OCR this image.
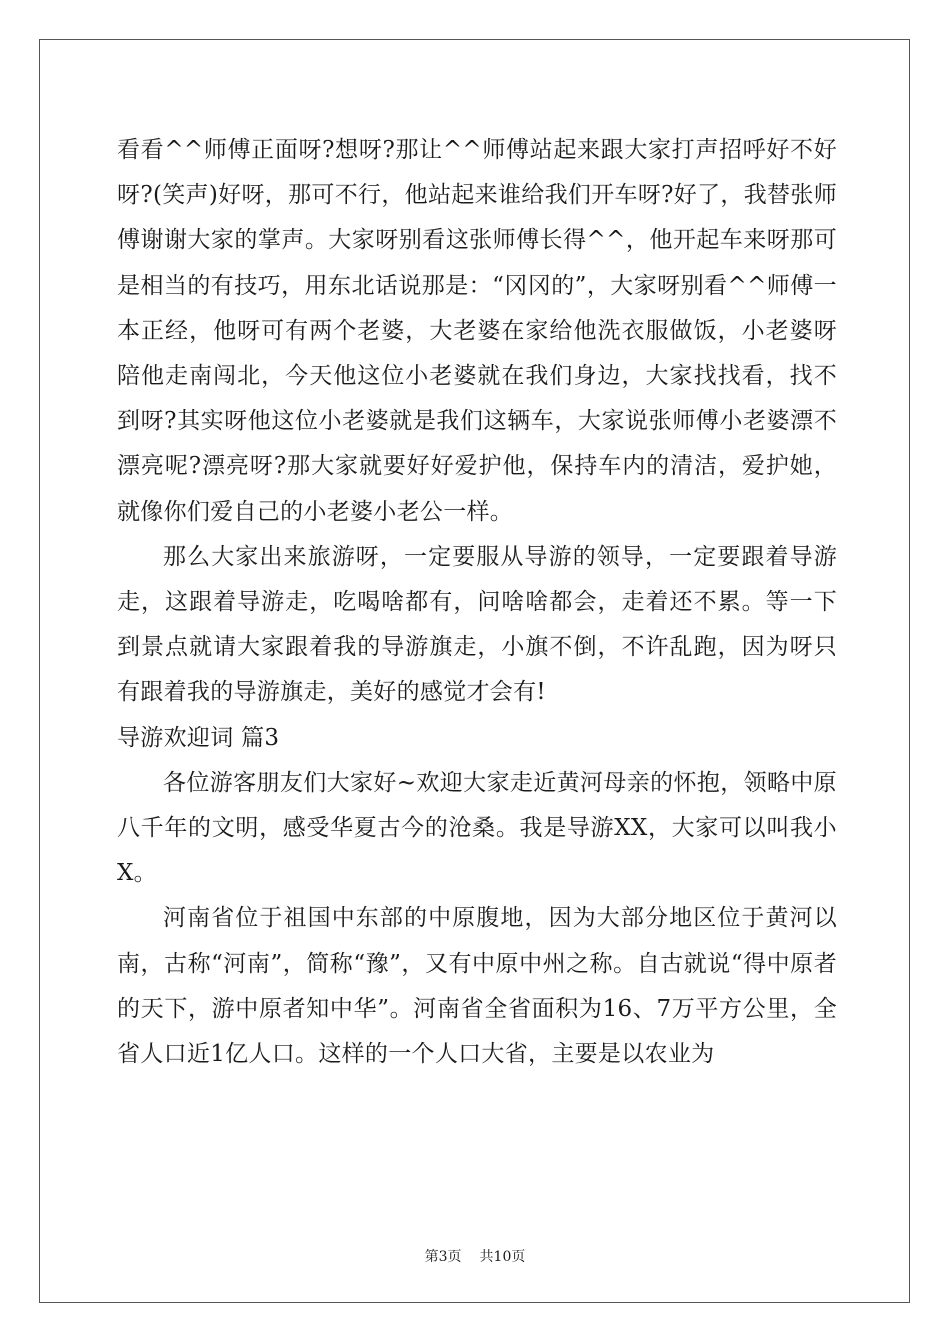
看看^^师傅正面呀?想呀?那让^^师傅站起来跟大家打声招呼好不好呀?(笑声)好呀，那可不行，他站起来谁给我们开车呀?好了，我替张师傅谢谢大家的掌声。大家呀别看这张师傅长得^^，他开起车来呀那可是相当的有技巧，用东北话说那是：“冈冈的”，大家呀别看^^师傅一本正经，他呀可有两个老婆，大老婆在家给他洗衣服做饭，小老婆呀陪他走南闯北，今天他这位小老婆就在我们身边，大家找找看，找不到呀?其实呀他这位小老婆就是我们这辆车，大家说张师傅小老婆漂不漂亮呢?漂亮呀?那大家就要好好爱护他，保持车内的清洁，爱护她，就像你们爱自己的小老婆小老公一样。

那么大家出来旅游呀，一定要服从导游的领导，一定要跟着导游走，这跟着导游走，吃喝啥都有，问啥啥都会，走着还不累。等一下到景点就请大家跟着我的导游旗走，小旗不倒，不许乱跑，因为呀只有跟着我的导游旗走，美好的感觉才会有!

导游欢迎词 篇3

各位游客朋友们大家好~欢迎大家走近黄河母亲的怀抱，领略中原八千年的文明，感受华夏古今的沧桑。我是导游XX，大家可以叫我小X。

河南省位于祖国中东部的中原腹地，因为大部分地区位于黄河以南，古称“河南”，简称“豫”，又有中原中州之称。自古就说“得中原者的天下，游中原者知中华”。河南省全省面积为16、7万平方公里，全省人口近1亿人口。这样的一个人口大省，主要是以农业为

第3页 共10页
